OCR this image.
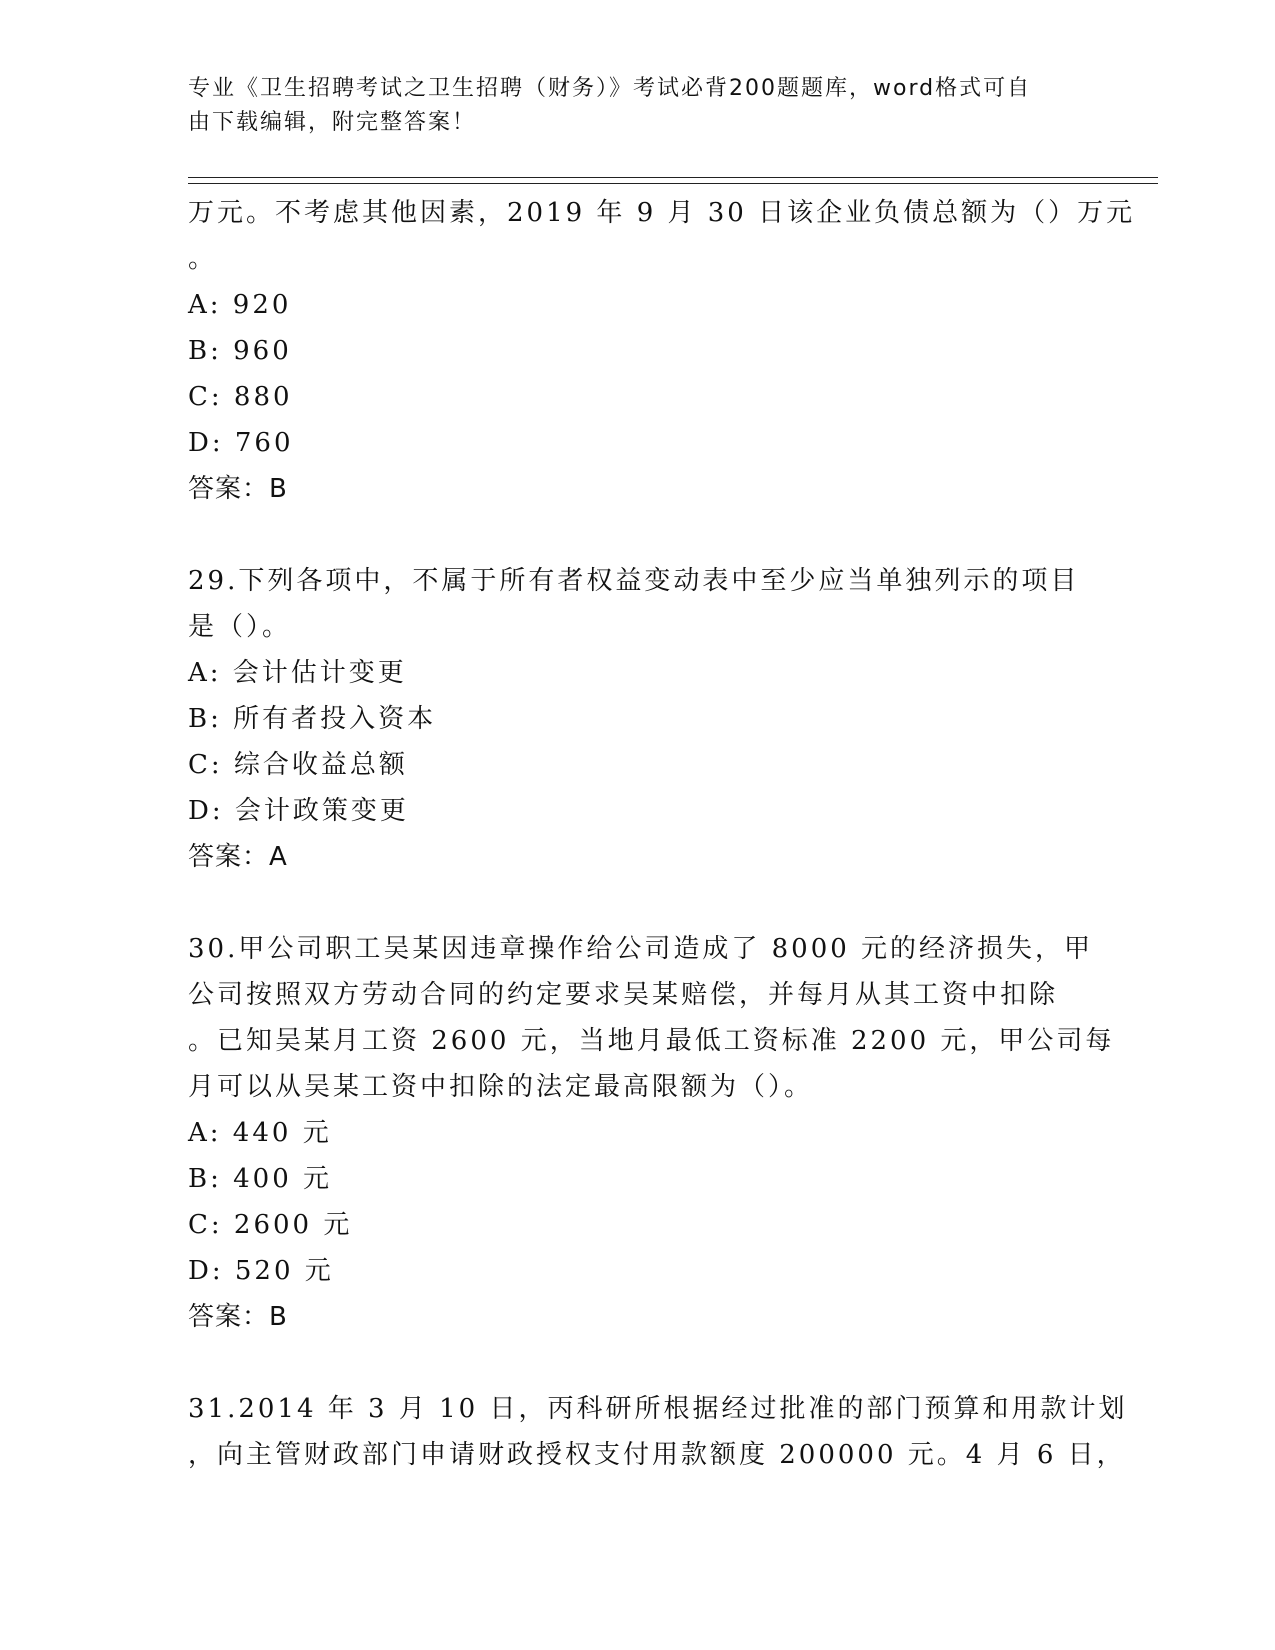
专业《卫生招聘考试之卫生招聘（财务）》考试必背200题题库，word格式可自
由下载编辑，附完整答案！
万元。不考虑其他因素，2019 年 9 月 30 日该企业负债总额为（）万元
。
A: 920
B: 960
C: 880
D: 760
答案：B
29.下列各项中，不属于所有者权益变动表中至少应当单独列示的项目
是（）。
A: 会计估计变更
B: 所有者投入资本
C: 综合收益总额
D: 会计政策变更
答案：A
30.甲公司职工吴某因违章操作给公司造成了 8000 元的经济损失，甲
公司按照双方劳动合同的约定要求吴某赔偿，并每月从其工资中扣除
。已知吴某月工资 2600 元，当地月最低工资标准 2200 元，甲公司每
月可以从吴某工资中扣除的法定最高限额为（）。
A: 440 元
B: 400 元
C: 2600 元
D: 520 元
答案：B
31.2014 年 3 月 10 日，丙科研所根据经过批准的部门预算和用款计划
，向主管财政部门申请财政授权支付用款额度 200000 元。4 月 6 日，
